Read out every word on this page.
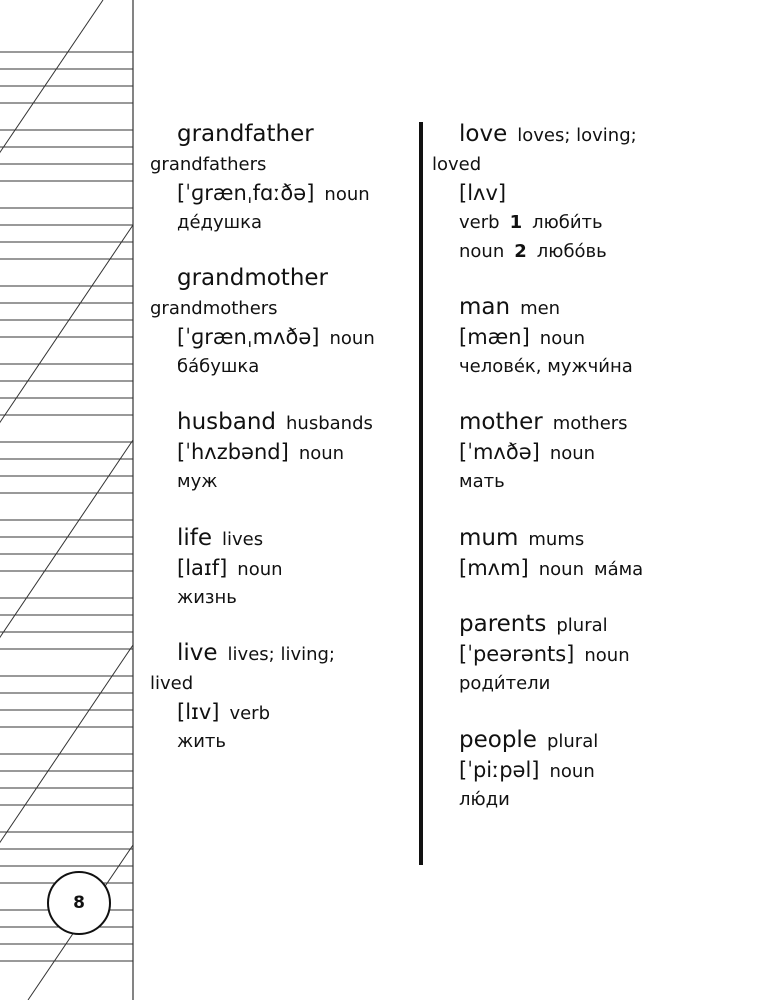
8
grandfather
grandfathers
[ˈɡrænˌfɑːðə] noun
де́душка
grandmother
grandmothers
[ˈɡrænˌmʌðə] noun
ба́бушка
husband husbands
[ˈhʌzbənd] noun
муж
life lives
[laɪf] noun
жизнь
live lives; living;
lived
[lɪv] verb
жить
love loves; loving;
loved
[lʌv]
verb 1 люби́ть
noun 2 любо́вь
man men
[mæn] noun
челове́к, мужчи́на
mother mothers
[ˈmʌðə] noun
мать
mum mums
[mʌm] noun ма́ма
parents plural
[ˈpeərənts] noun
роди́тели
people plural
[ˈpiːpəl] noun
лю́ди
